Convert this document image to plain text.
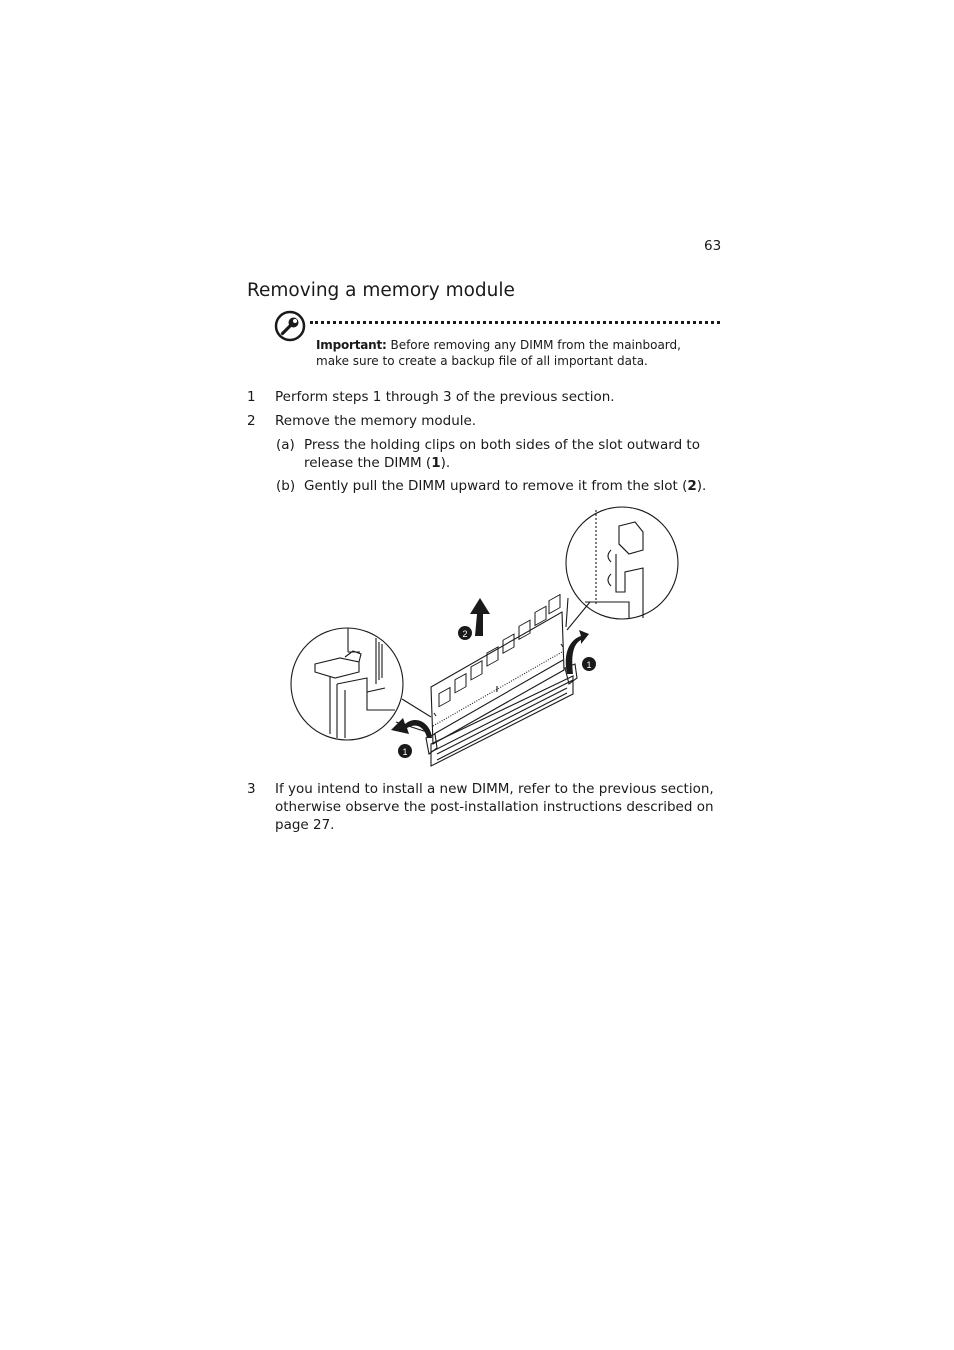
63
Removing a memory module
Important: Before removing any DIMM from the mainboard,
make sure to create a backup file of all important data.
1 Perform steps 1 through 3 of the previous section.
2 Remove the memory module.
(a) Press the holding clips on both sides of the slot outward to
release the DIMM (1).
(b) Gently pull the DIMM upward to remove it from the slot (2).
2
1
1
3 If you intend to install a new DIMM, refer to the previous section,
otherwise observe the post-installation instructions described on
page 27.
